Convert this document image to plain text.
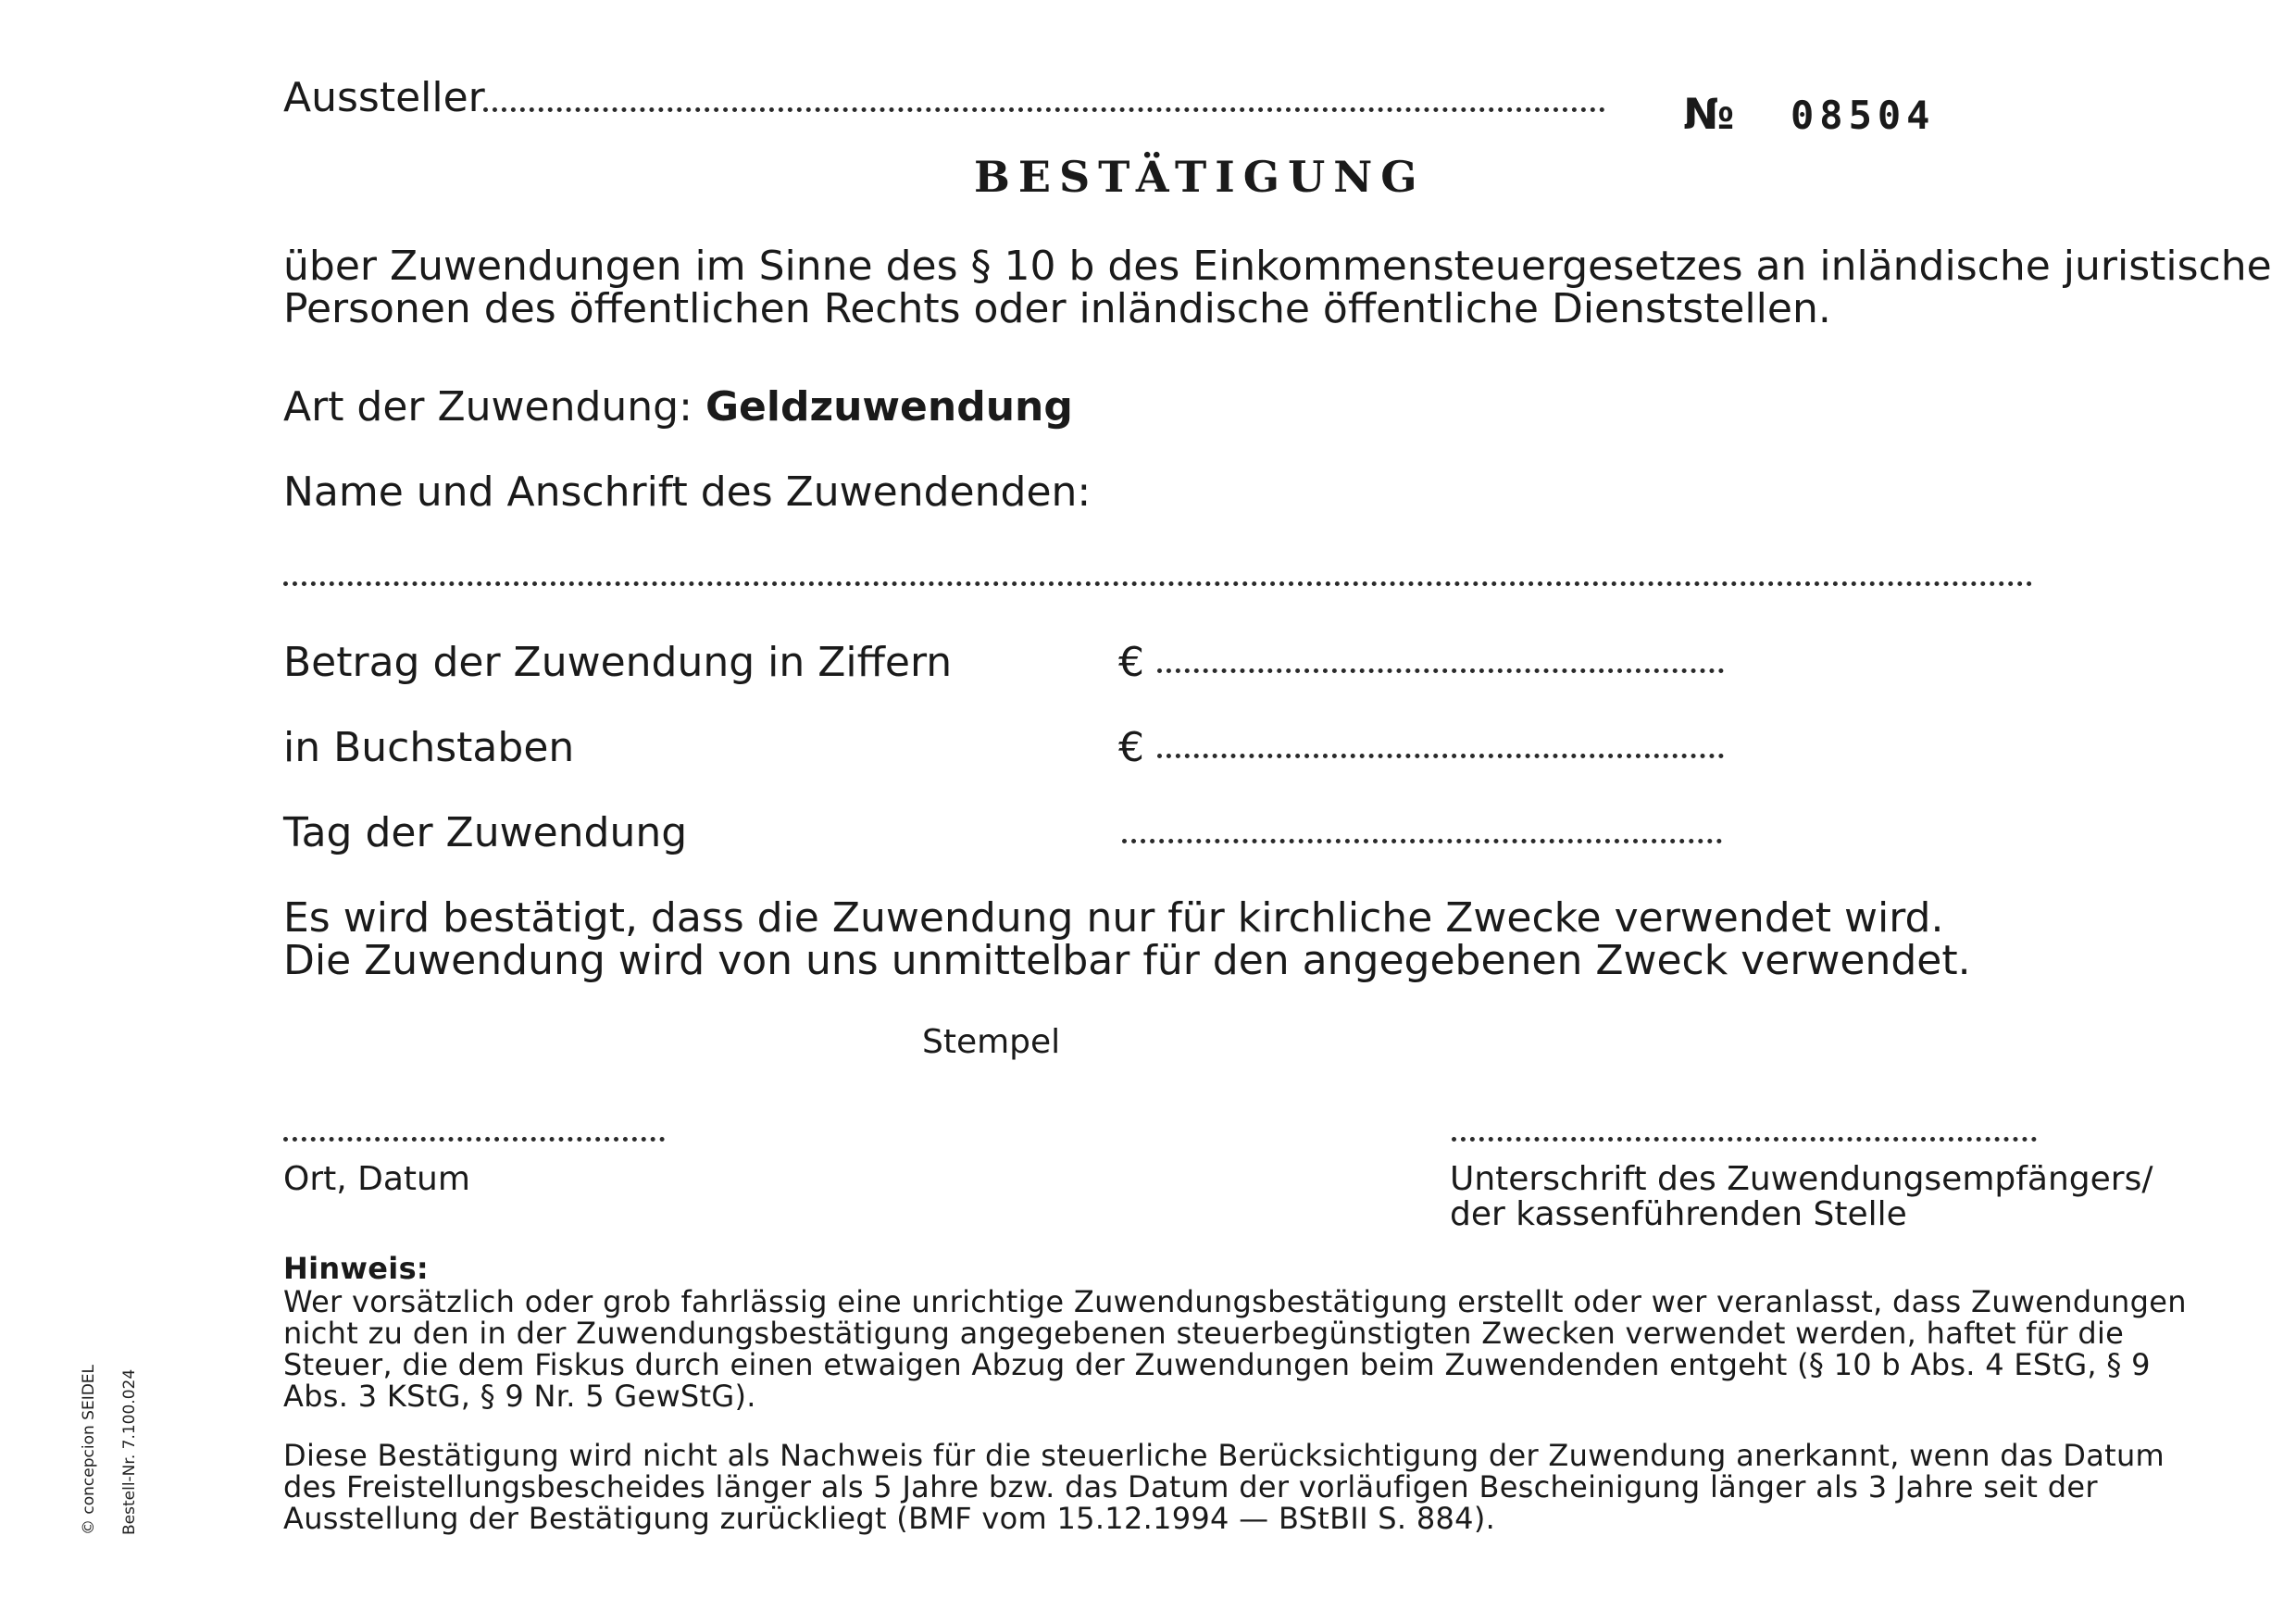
Aussteller	№ 08504
BESTÄTIGUNG
über Zuwendungen im Sinne des § 10 b des Einkommensteuergesetzes an inländische juristische
Personen des öffentlichen Rechts oder inländische öffentliche Dienststellen.
Art der Zuwendung: Geldzuwendung
Name und Anschrift des Zuwendenden:
Betrag der Zuwendung in Ziffern	€
in Buchstaben	€
Tag der Zuwendung
Es wird bestätigt, dass die Zuwendung nur für kirchliche Zwecke verwendet wird.
Die Zuwendung wird von uns unmittelbar für den angegebenen Zweck verwendet.
Stempel
Ort, Datum	Unterschrift des Zuwendungsempfängers/
der kassenführenden Stelle
Hinweis:
Wer vorsätzlich oder grob fahrlässig eine unrichtige Zuwendungsbestätigung erstellt oder wer veranlasst, dass Zuwendungen
nicht zu den in der Zuwendungsbestätigung angegebenen steuerbegünstigten Zwecken verwendet werden, haftet für die
Steuer, die dem Fiskus durch einen etwaigen Abzug der Zuwendungen beim Zuwendenden entgeht (§ 10 b Abs. 4 EStG, § 9
Abs. 3 KStG, § 9 Nr. 5 GewStG).
Diese Bestätigung wird nicht als Nachweis für die steuerliche Berücksichtigung der Zuwendung anerkannt, wenn das Datum
des Freistellungsbescheides länger als 5 Jahre bzw. das Datum der vorläufigen Bescheinigung länger als 3 Jahre seit der
Ausstellung der Bestätigung zurückliegt (BMF vom 15.12.1994 — BStBII S. 884).
© concepcion SEIDEL Bestell-Nr. 7.100.024
